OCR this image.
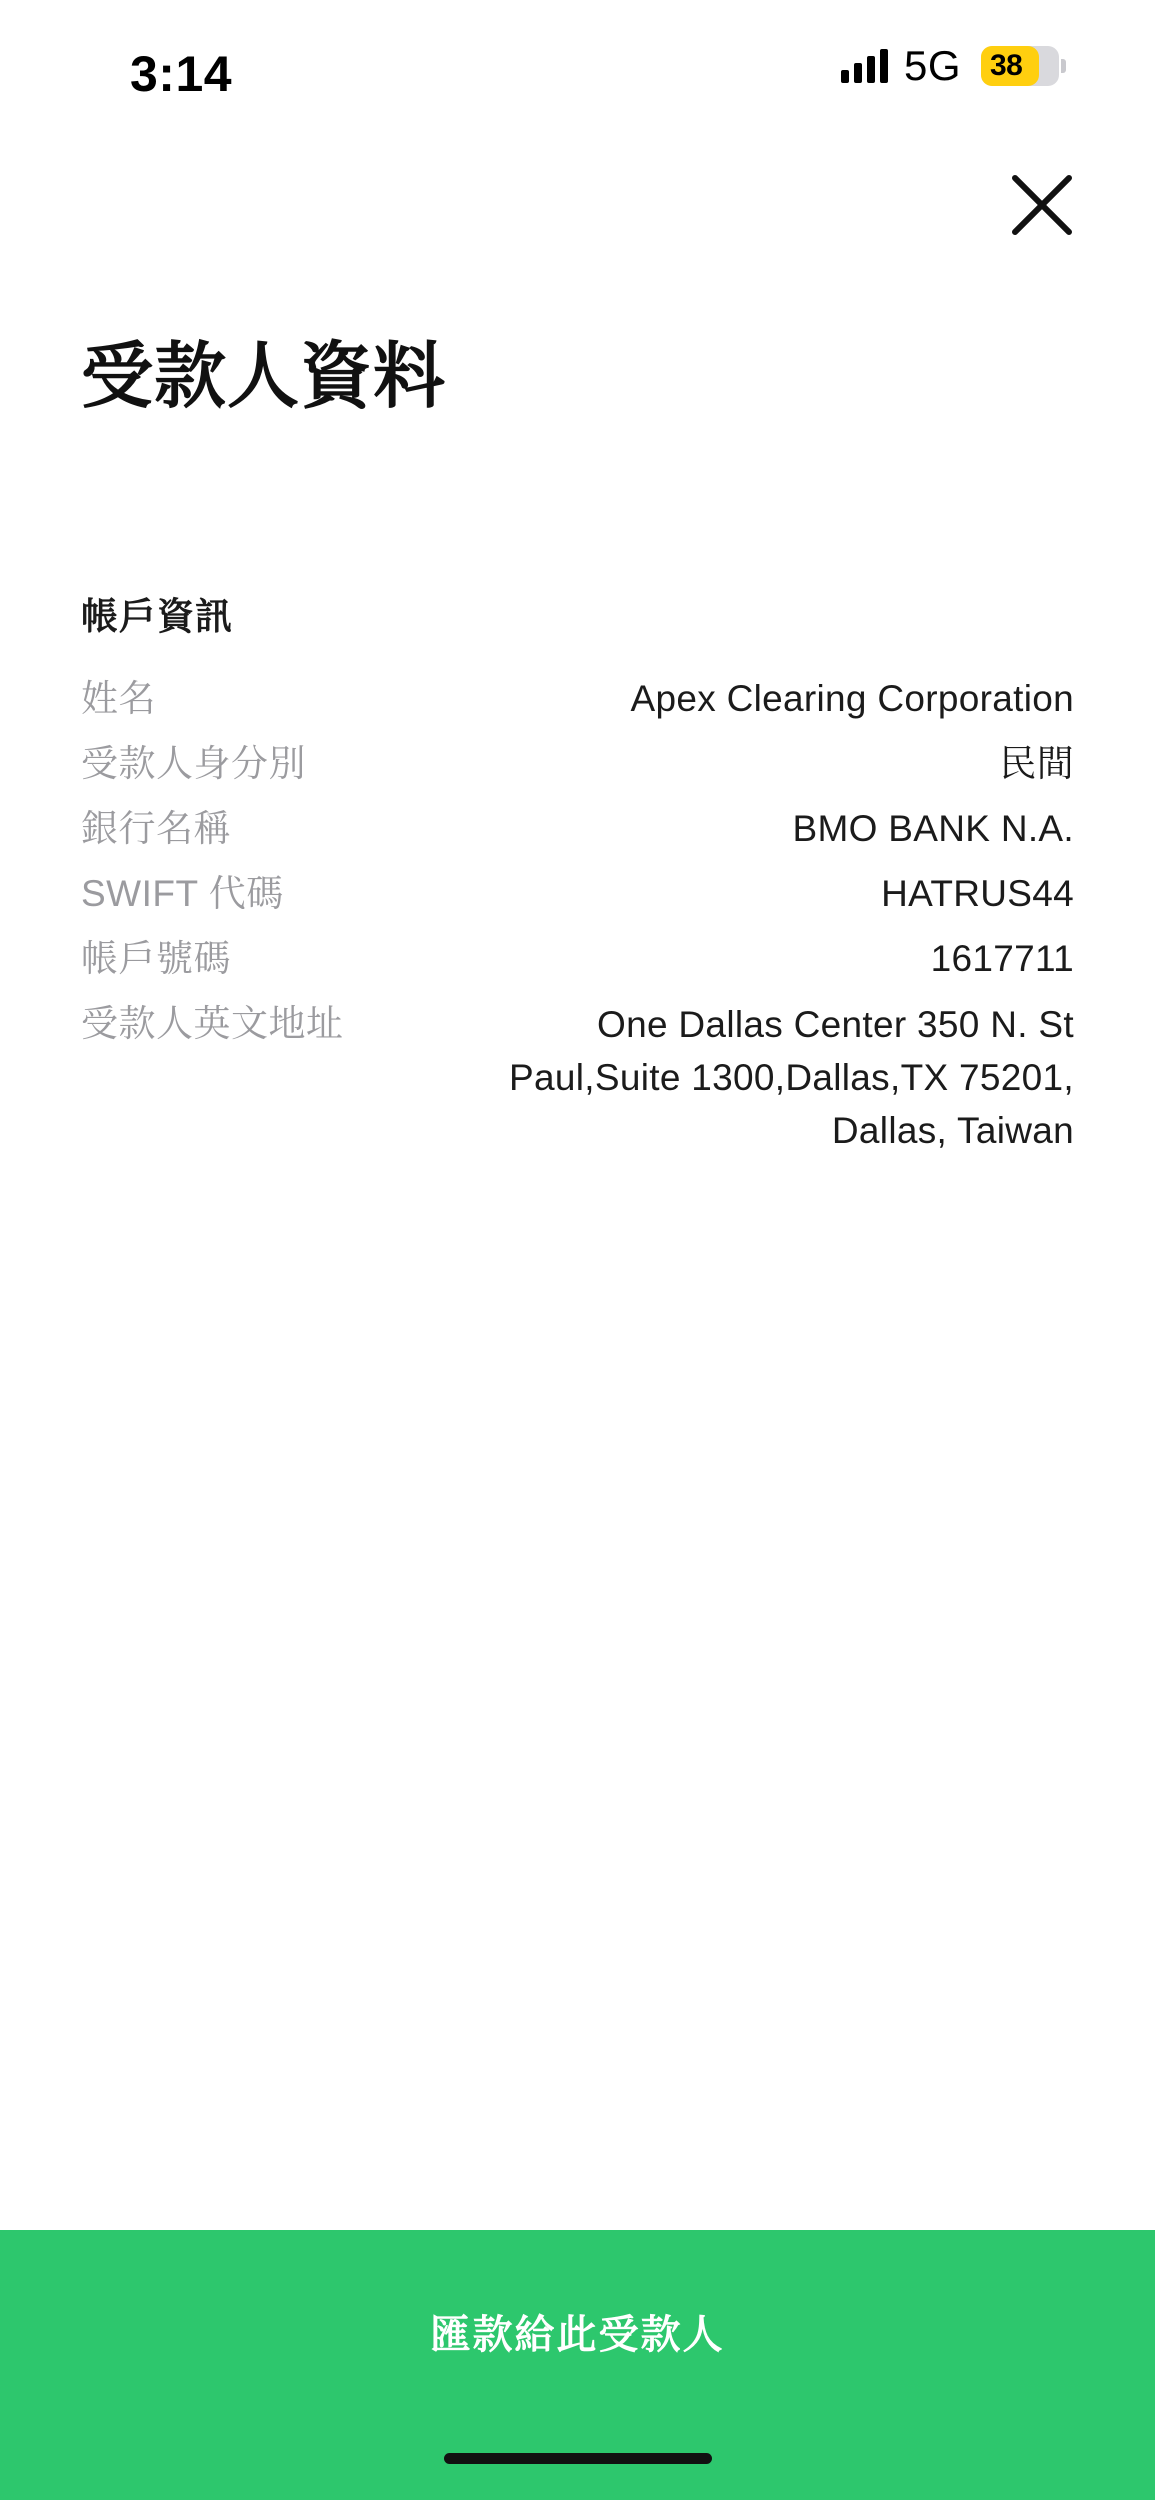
3:14	5G 38
受款人資料
帳戶資訊
姓名	Apex Clearing Corporation
受款人身分別	民間
銀行名稱	BMO BANK N.A.
SWIFT 代碼	HATRUS44
帳戶號碼	1617711
受款人英文地址	One Dallas Center 350 N. St Paul,Suite 1300,Dallas,TX 75201, Dallas, Taiwan
匯款給此受款人
